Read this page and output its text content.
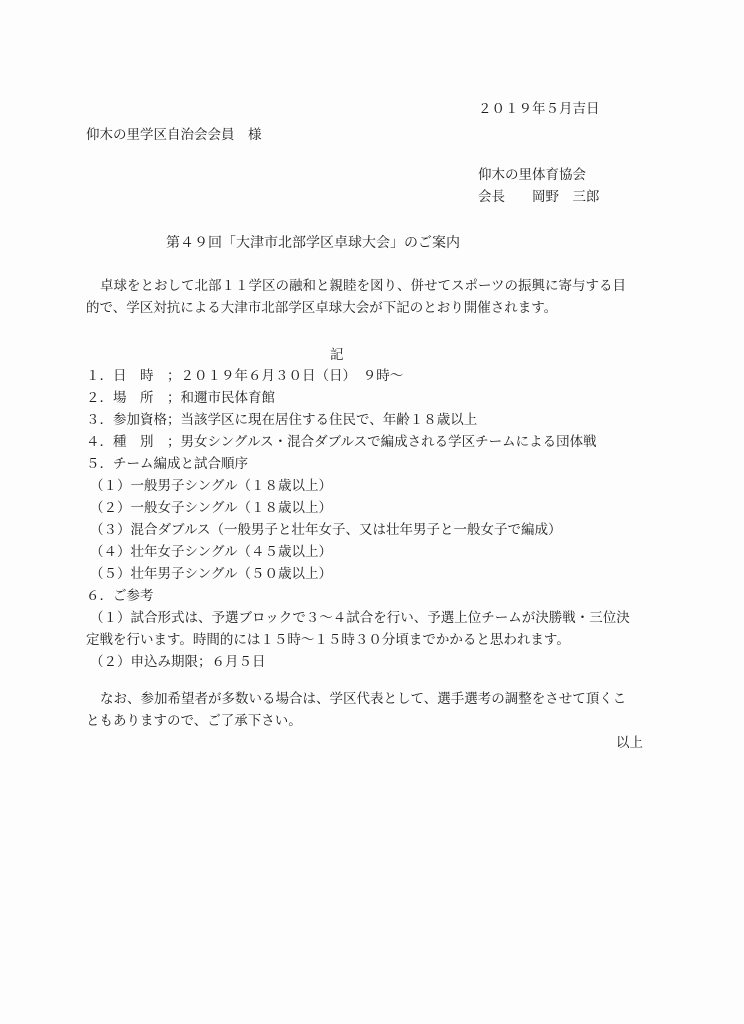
２０１９年５月吉日
仰木の里学区自治会会員　様
仰木の里体育協会
会長　　岡野　三郎
第４９回「大津市北部学区卓球大会」のご案内
卓球をとおして北部１１学区の融和と親睦を図り、併せてスポーツの振興に寄与する目
的で、学区対抗による大津市北部学区卓球大会が下記のとおり開催されます。
記
１．日　時　；２０１９年６月３０日（日）　９時～
２．場　所　；和邇市民体育館
３．参加資格；当該学区に現在居住する住民で、年齢１８歳以上
４．種　別　；男女シングルス・混合ダブルスで編成される学区チームによる団体戦
５．チーム編成と試合順序
（１）一般男子シングル（１８歳以上）
（２）一般女子シングル（１８歳以上）
（３）混合ダブルス（一般男子と壮年女子、又は壮年男子と一般女子で編成）
（４）壮年女子シングル（４５歳以上）
（５）壮年男子シングル（５０歳以上）
６．ご参考
（１）試合形式は、予選ブロックで３～４試合を行い、予選上位チームが決勝戦・三位決
定戦を行います。時間的には１５時～１５時３０分頃までかかると思われます。
（２）申込み期限；６月５日
なお、参加希望者が多数いる場合は、学区代表として、選手選考の調整をさせて頂くこ
ともありますので、ご了承下さい。
以上
